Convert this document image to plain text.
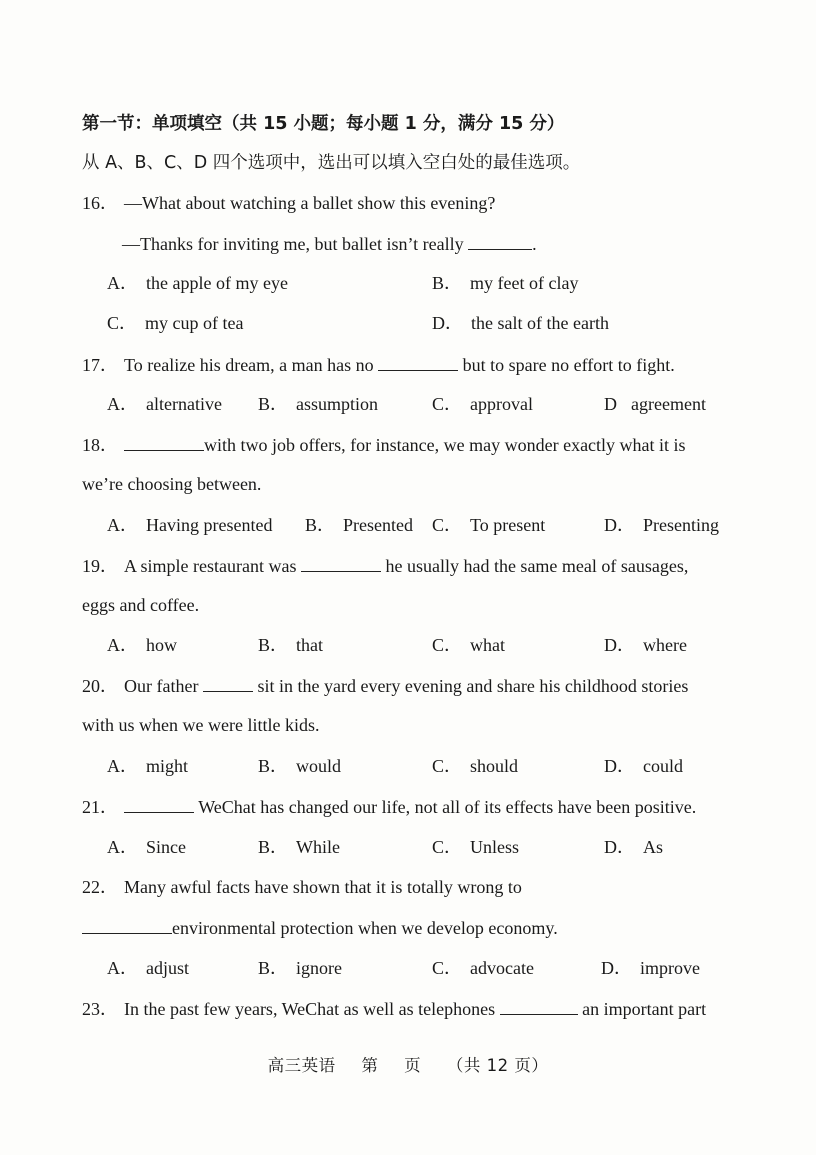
第一节：单项填空（共 15 小题；每小题 1 分，满分 15 分）
从 A、B、C、D 四个选项中，选出可以填入空白处的最佳选项。
16． —What about watching a ballet show this evening?
—Thanks for inviting me, but ballet isn’t really	.
A． the apple of my eye	B． my feet of clay
C． my cup of tea	D． the salt of the earth
17． To realize his dream, a man has no	but to spare no effort to fight.
A． alternative B． assumption	C． approval	D agreement
18．	with two job offers, for instance, we may wonder exactly what it is
we’re choosing between.
A． Having presented B． Presented C． To present	D． Presenting
19． A simple restaurant was	he usually had the same meal of sausages,
eggs and coffee.
A． how	B． that	C． what	D． where
20． Our father	sit in the yard every evening and share his childhood stories
with us when we were little kids.
A． might	B． would	C． should	D． could
21．	WeChat has changed our life, not all of its effects have been positive.
A． Since	B． While	C． Unless	D． As
22． Many awful facts have shown that it is totally wrong to
environmental protection when we develop economy.
A． adjust	B． ignore	C． advocate	D． improve
23． In the past few years, WeChat as well as telephones	an important part
高三英语 第 页 （共 12 页）
